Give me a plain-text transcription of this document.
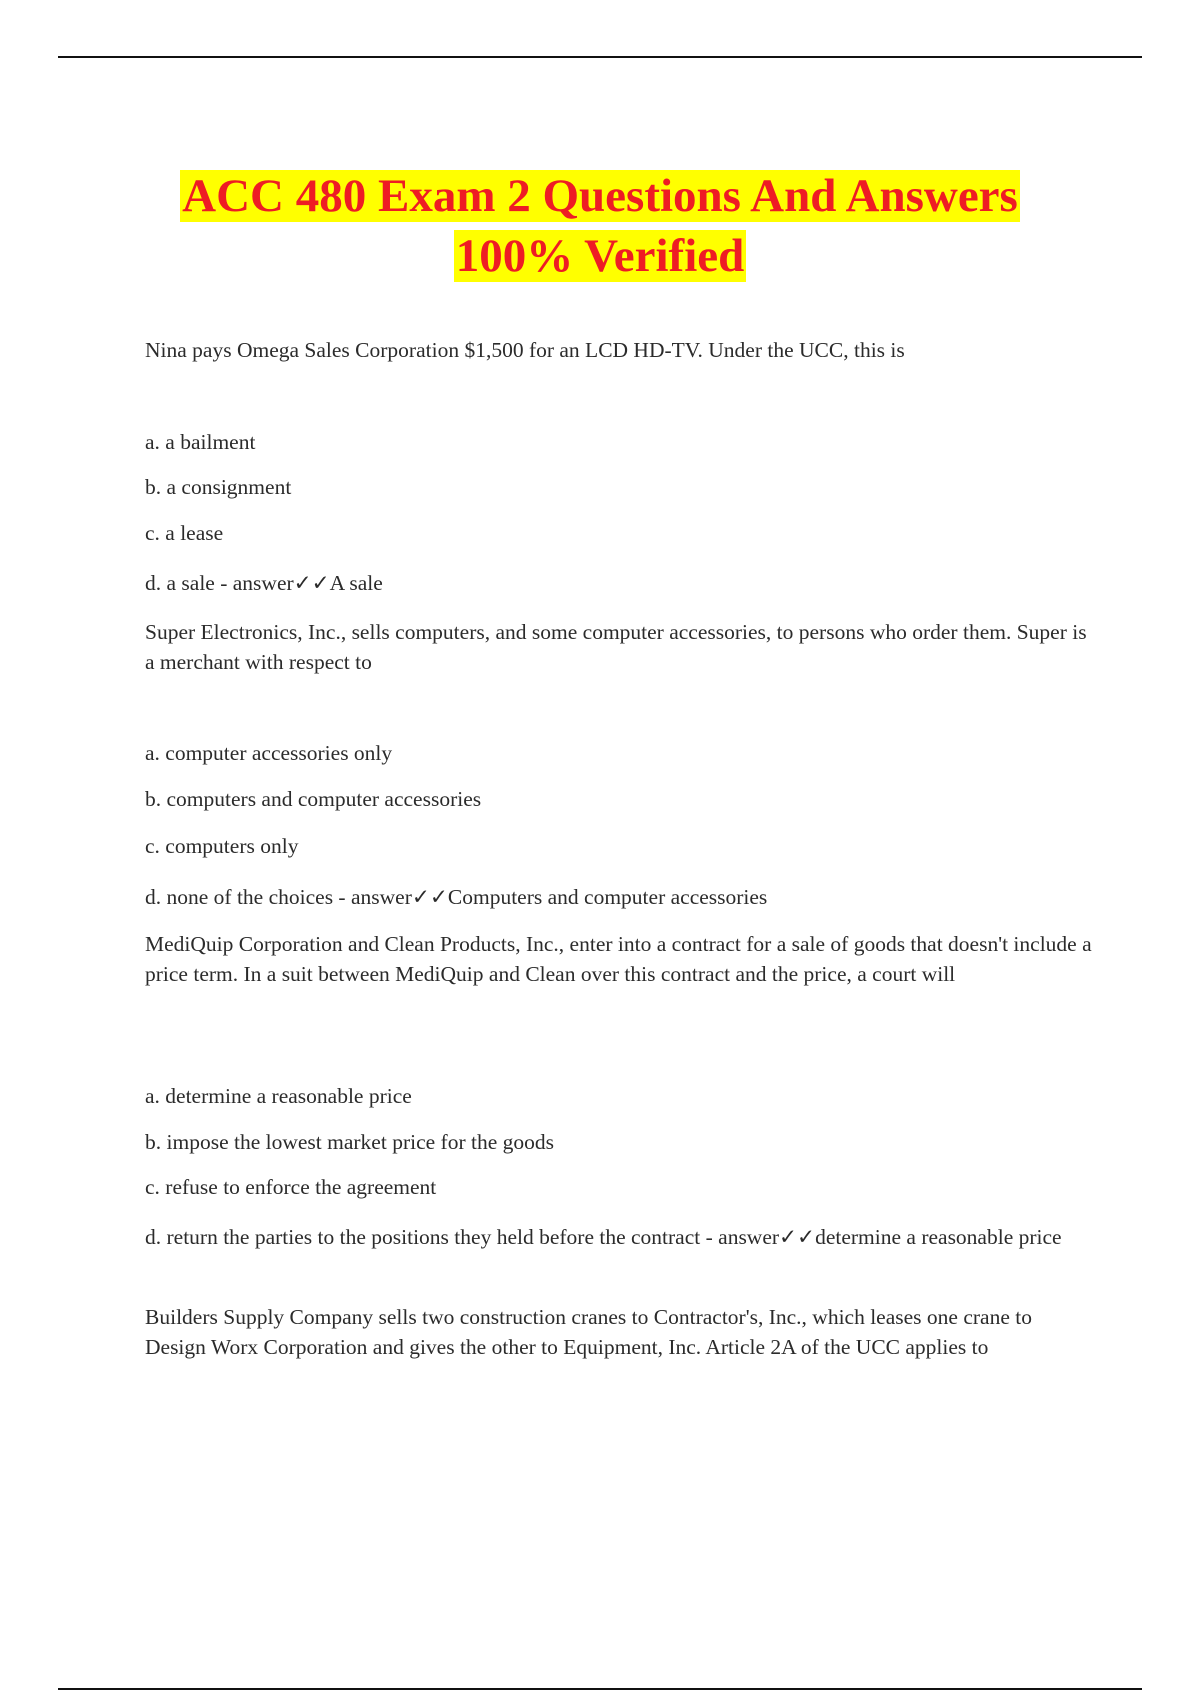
ACC 480 Exam 2 Questions And Answers
100% Verified

Nina pays Omega Sales Corporation $1,500 for an LCD HD-TV. Under the UCC, this is

a. a bailment

b. a consignment

c. a lease

d. a sale - answer✓✓A sale

Super Electronics, Inc., sells computers, and some computer accessories, to persons who order them. Super is a merchant with respect to

a. computer accessories only

b. computers and computer accessories

c. computers only

d. none of the choices - answer✓✓Computers and computer accessories

MediQuip Corporation and Clean Products, Inc., enter into a contract for a sale of goods that doesn't include a price term. In a suit between MediQuip and Clean over this contract and the price, a court will

a. determine a reasonable price

b. impose the lowest market price for the goods

c. refuse to enforce the agreement

d. return the parties to the positions they held before the contract - answer✓✓determine a reasonable price

Builders Supply Company sells two construction cranes to Contractor's, Inc., which leases one crane to Design Worx Corporation and gives the other to Equipment, Inc. Article 2A of the UCC applies to
